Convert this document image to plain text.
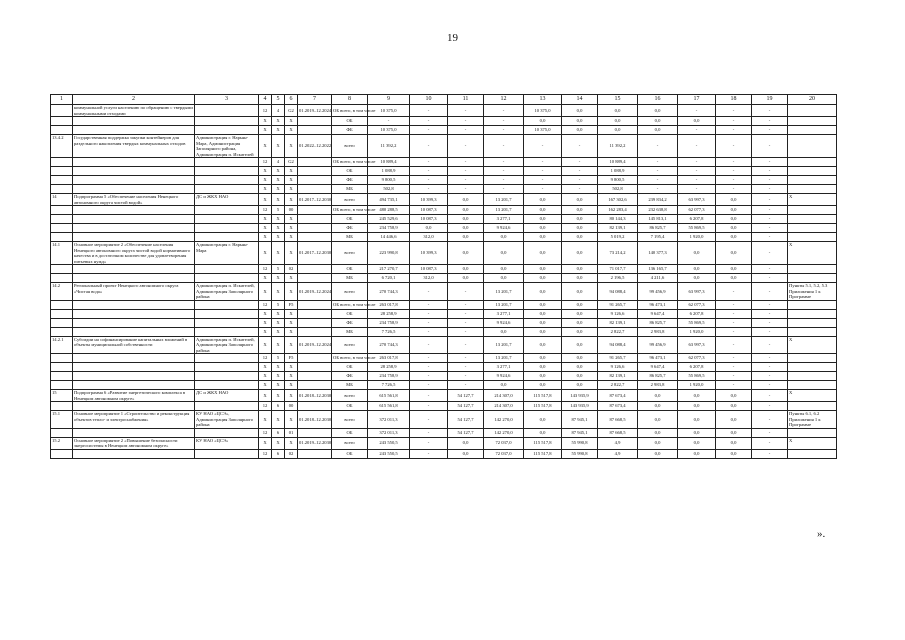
19
1	2	3	4	5	6	7	8	9	10	11	12	13	14	15	16	17	18	19	20
	коммунальной услуги населению по обращению с твердыми коммунальными отходами		12	4	G2	01.2019–12.2024	ОБ всего, в том числе	10 375,0	-	-	-	10 375,0	0,0	0,0	0,0	-	-	-	
			X	X	X		ОБ	-	-	-	-	0,0	0,0	0,0	0,0	0,0	-	-	
			X	X	X		ФБ	10 375,0	-	-	-	10 375,0	0,0	0,0	0,0	-	-	-	
13.4.2	Государственная поддержка закупки контейнеров для раздельного накопления твердых коммунальных отходов	Администрация г. Нарьян-Мара, Администрация Заполярного района, Администрация п. Искателей	X	X	X	01.2022–12.2022	всего	11 392,2	-	-	-	-	-	11 392,2	-	-	-	-	
			12	4	G2		ОБ всего, в том числе	10 889,4	-	-	-	-	-	10 889,4	-	-	-	-	
			X	X	X		ОБ	1 088,9	-	-	-	-	-	1 088,9	-	-	-	-	
			X	X	X		ФБ	9 800,5	-	-	-	-	-	9 800,5	-	-	-	-	
			X	X	X		МБ	502,8	-	-	-	-	-	502,8	-	-	-	-	
14	Подпрограмма 5 «Обеспечение населения Ненецкого автономного округа чистой водой»	ДС и ЖКХ НАО	X	X	X	01.2017–12.2030	всего	494 735,1	10 399,3	0,0	13 201,7	0,0	0,0	167 302,6	239 834,2	63 997,3	0,0	-	X
			12	5	00		ОБ всего, в том числе	480 288,5	10 087,3	0,0	13 201,7	0,0	0,0	162 283,4	232 638,8	62 077,3	0,0	-	
			X	X	X		ОБ	245 529,6	10 087,3	0,0	3 277,1	0,0	0,0	80 144,3	145 813,1	6 207,8	0,0	-	
			X	X	X		ФБ	234 758,9	0,0	0,0	9 924,6	0,0	0,0	82 139,1	86 825,7	55 869,5	0,0	-	
			X	X	X		МБ	14 446,6	312,0	0,0	0,0	0,0	0,0	5 019,2	7 195,4	1 920,0	0,0	-	
14.1	Основное мероприятие 2 «Обеспечение населения Ненецкого автономного округа чистой водой нормативного качества и в достаточном количестве для удовлетворения питьевых нужд»	Администрация г. Нарьян-Мара	X	X	X	01.2017–12.2030	всего	223 990,8	10 399,3	0,0	0,0	0,0	0,0	73 214,2	140 377,3	0,0	0,0	-	X
			12	5	02		ОБ	217 270,7	10 087,3	0,0	0,0	0,0	0,0	71 017,7	136 165,7	0,0	0,0	-	
			X	X	X		МБ	6 720,1	312,0	0,0	0,0	0,0	0,0	2 196,5	4 211,6	0,0	0,0	-	
14.2	Региональный проект Ненецкого автономного округа «Чистая вода»	Администрация п. Искателей, Администрация Заполярного района	X	X	X	01.2019–12.2024	всего	270 744,3	-	-	13 201,7	0,0	0,0	94 088,4	99 456,9	63 997,3	-	-	Пункты 5.1, 5.2, 5.3 Приложения 1 к Программе
			12	5	F5		ОБ всего, в том числе	263 017,8	-	-	13 201,7	0,0	0,0	91 265,7	96 473,1	62 077,3	-	-	
			X	X	X		ОБ	28 258,9	-	-	3 277,1	0,0	0,0	9 126,6	9 647,4	6 207,8	-	-	
			X	X	X		ФБ	234 758,9	-	-	9 924,6	0,0	0,0	82 139,1	86 825,7	55 869,5	-	-	
			X	X	X		МБ	7 726,5	-	-	0,0	0,0	0,0	2 822,7	2 983,8	1 920,0	-	-	
14.2.1	Субсидии на софинансирование капитальных вложений в объекты муниципальной собственности	Администрация п. Искателей, Администрация Заполярного района	X	X	X	01.2019–12.2024	всего	270 744,3	-	-	13 201,7	0,0	0,0	94 088,4	99 456,9	63 997,3	-	-	X
			12	5	F5		ОБ всего, в том числе	263 017,8	-	-	13 201,7	0,0	0,0	91 265,7	96 473,1	62 077,3	-	-	
			X	X	X		ОБ	28 258,9	-	-	3 277,1	0,0	0,0	9 126,6	9 647,4	6 207,8	-	-	
			X	X	X		ФБ	234 758,9	-	-	9 924,6	0,0	0,0	82 139,1	86 825,7	55 869,5	-	-	
			X	X	X		МБ	7 726,5	-	-	0,0	0,0	0,0	2 822,7	2 983,8	1 920,0	-	-	
15	Подпрограмма 6 «Развитие энергетического комплекса в Ненецком автономном округе»	ДС и ЖКХ НАО	X	X	X	01.2018–12.2030	всего	615 561,8	-	54 127,7	214 307,0	115 517,8	143 935,9	87 673,4	0,0	0,0	0,0	-	X
			12	6	00		ОБ	615 561,8	-	54 127,7	214 307,0	115 517,8	143 935,9	87 673,4	0,0	0,0	0,0	-	
15.1	Основное мероприятие 1 «Строительство и реконструкция объектов тепло- и электроснабжения»	КУ НАО «ЦСЭ», Администрация Заполярного района	X	X	X	01.2018–12.2030	всего	372 011,3	-	54 127,7	142 270,0	0,0	87 945,1	87 668,5	0,0	0,0	0,0	-	Пункты 6.1, 6.2 Приложения 1 к Программе
			12	6	01		ОБ	372 011,3	-	54 127,7	142 270,0	0,0	87 945,1	87 668,5	0,0	0,0	0,0	-	
15.2	Основное мероприятие 2 «Повышение безопасности энергосистемы в Ненецком автономном округе»	КУ НАО «ЦСЭ»	X	X	X	01.2019–12.2030	всего	243 550,5	-	0,0	72 037,0	115 517,8	55 990,8	4,9	0,0	0,0	0,0	-	X
			12	6	02		ОБ	243 550,5	-	0,0	72 037,0	115 517,8	55 990,8	4,9	0,0	0,0	0,0	-	
».
